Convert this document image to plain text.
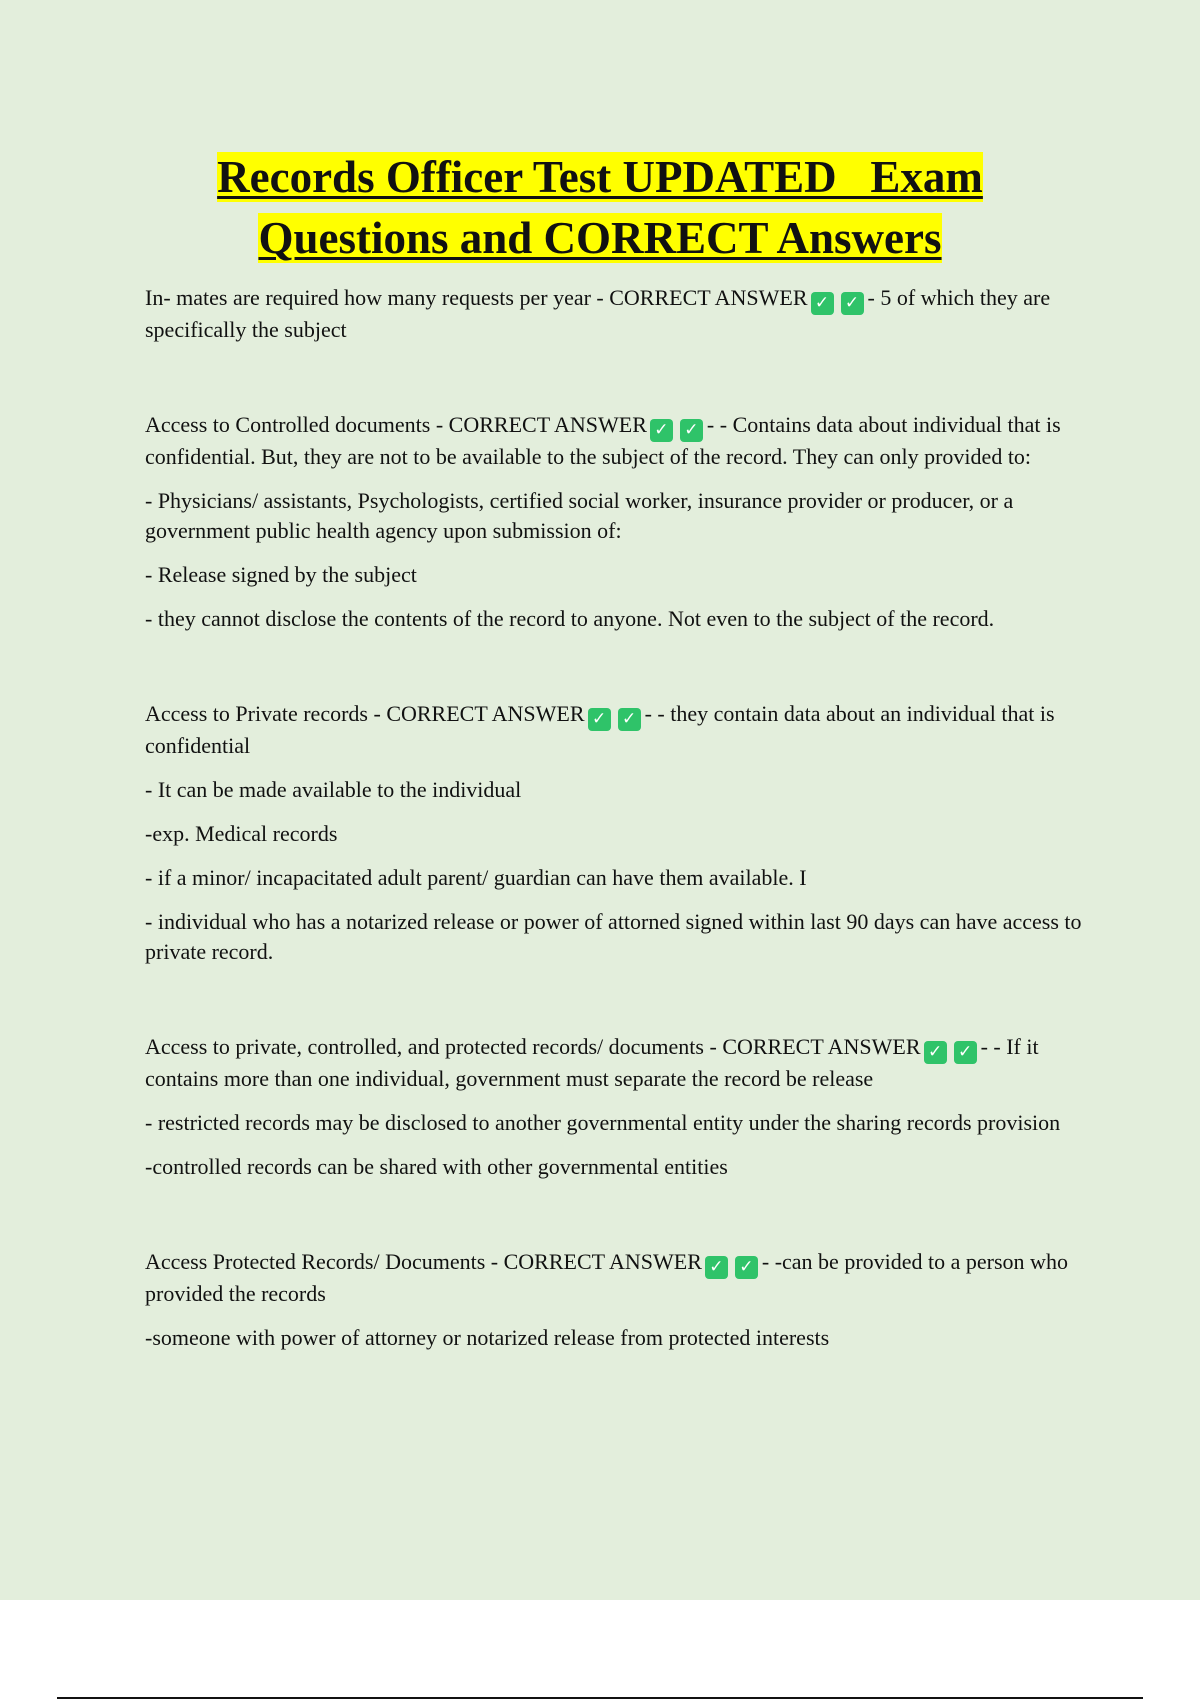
Records Officer Test UPDATED   Exam
Questions and CORRECT Answers

In- mates are required how many requests per year - CORRECT ANSWER ✓ ✓ - 5 of which they are specifically the subject

Access to Controlled documents - CORRECT ANSWER ✓ ✓ - - Contains data about individual that is confidential. But, they are not to be available to the subject of the record. They can only provided to:

- Physicians/ assistants, Psychologists, certified social worker, insurance provider or producer, or a government public health agency upon submission of:

- Release signed by the subject

- they cannot disclose the contents of the record to anyone. Not even to the subject of the record.

Access to Private records - CORRECT ANSWER ✓ ✓ - - they contain data about an individual that is confidential

- It can be made available to the individual

-exp. Medical records

- if a minor/ incapacitated adult parent/ guardian can have them available. I

- individual who has a notarized release or power of attorned signed within last 90 days can have access to private record.

Access to private, controlled, and protected records/ documents - CORRECT ANSWER ✓ ✓ - - If it contains more than one individual, government must separate the record be release

- restricted records may be disclosed to another governmental entity under the sharing records provision

-controlled records can be shared with other governmental entities

Access Protected Records/ Documents - CORRECT ANSWER ✓ ✓ - -can be provided to a person who provided the records

-someone with power of attorney or notarized release from protected interests
